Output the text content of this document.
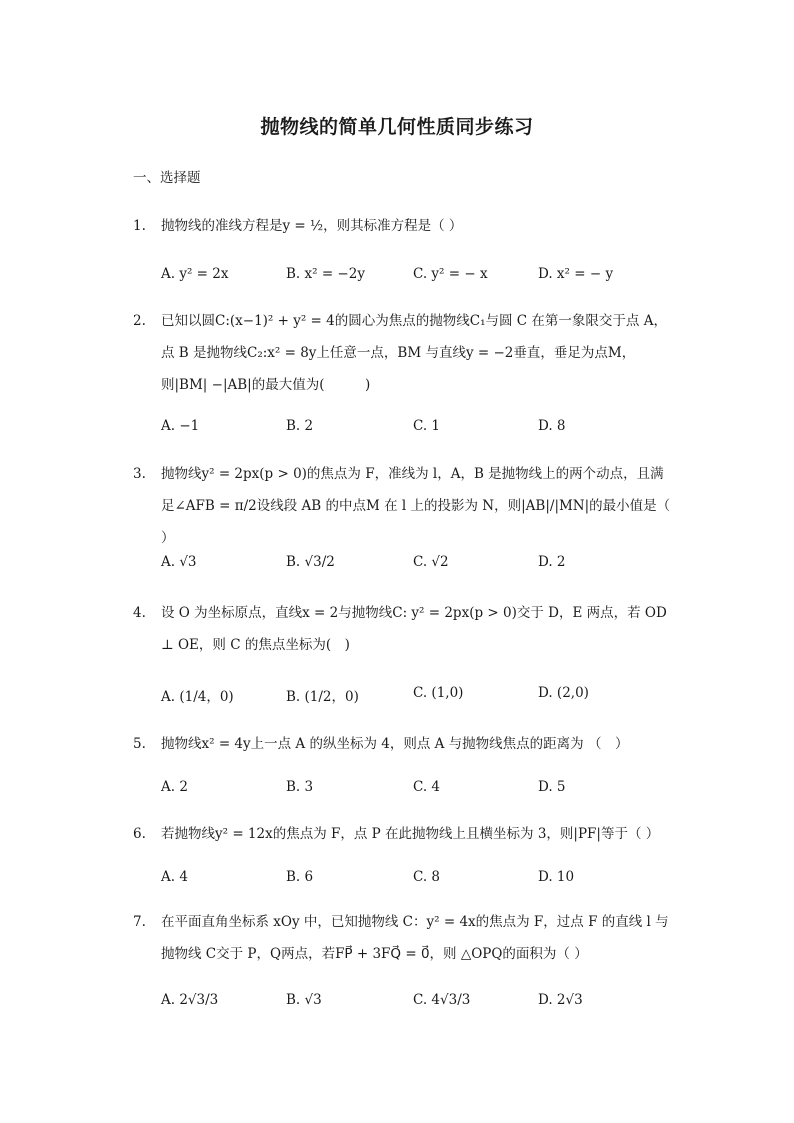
抛物线的简单几何性质同步练习
一、选择题
1. 抛物线的准线方程是y = ½，则其标准方程是（ ）
A. y² = 2x	B. x² = −2y	C. y² = − x	D. x² = − y
2. 已知以圆C:(x−1)² + y² = 4的圆心为焦点的抛物线C₁与圆 C 在第一象限交于点 A，点 B 是抛物线C₂:x² = 8y上任意一点，BM 与直线y = −2垂直，垂足为点M，则|BM| −|AB|的最大值为(　　　)
A. −1	B. 2	C. 1	D. 8
3. 抛物线y² = 2px(p > 0)的焦点为 F，准线为 l，A，B 是抛物线上的两个动点，且满足∠AFB = π/2设线段 AB 的中点M 在 l 上的投影为 N，则|AB|/|MN|的最小值是（ ）
A. √3	B. √3/2	C. √2	D. 2
4. 设 O 为坐标原点，直线x = 2与抛物线C: y² = 2px(p > 0)交于 D，E 两点，若 OD ⊥ OE，则 C 的焦点坐标为(　)
A. (1/4，0)	B. (1/2，0)	C. (1,0)	D. (2,0)
5. 抛物线x² = 4y上一点 A 的纵坐标为 4，则点 A 与抛物线焦点的距离为 （　）
A. 2	B. 3	C. 4	D. 5
6. 若抛物线y² = 12x的焦点为 F，点 P 在此抛物线上且横坐标为 3，则|PF|等于（ ）
A. 4	B. 6	C. 8	D. 10
7. 在平面直角坐标系 xOy 中，已知抛物线 C：y² = 4x的焦点为 F，过点 F 的直线 l 与抛物线 C交于 P，Q两点，若FP⃗ + 3FQ⃗ = 0⃗，则 △OPQ的面积为（ ）
A. 2√3/3	B. √3	C. 4√3/3	D. 2√3
